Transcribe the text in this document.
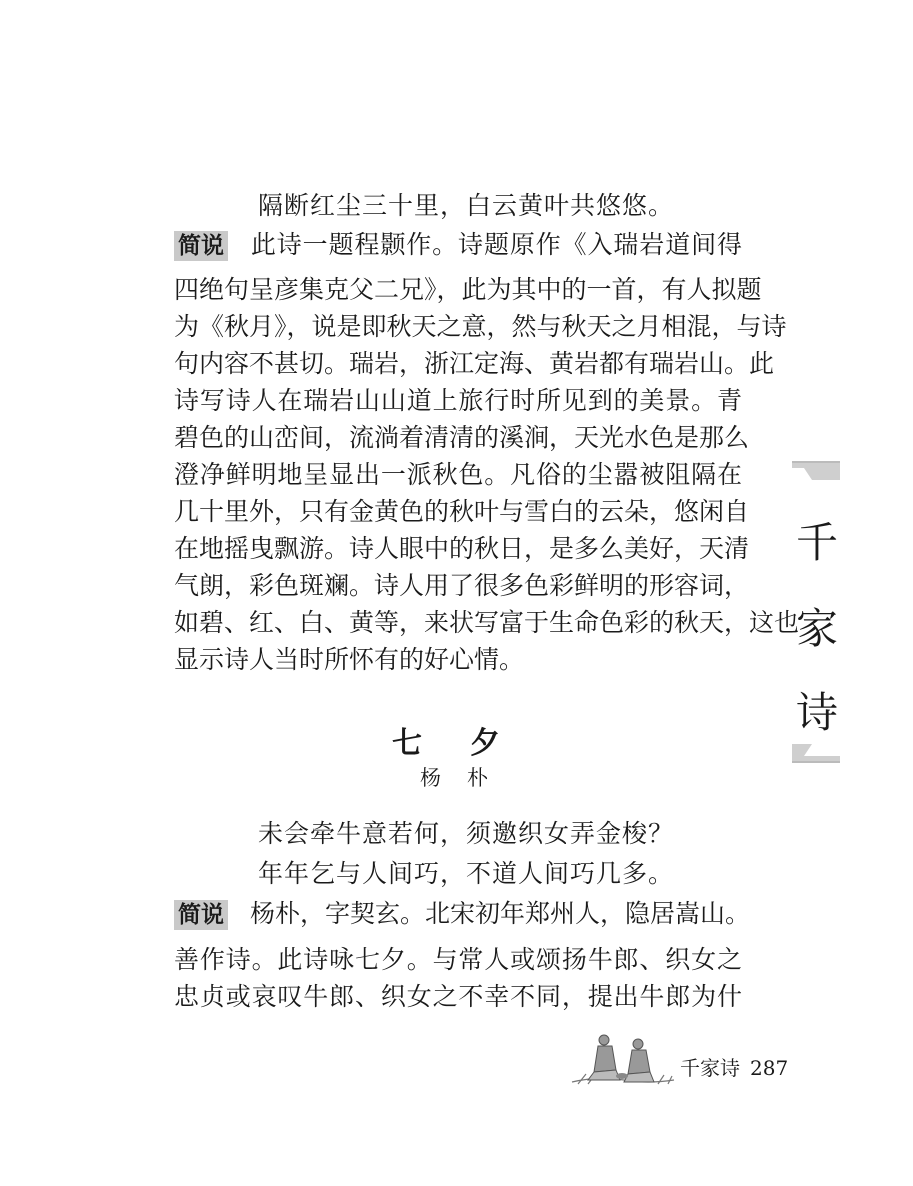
隔断红尘三十里，白云黄叶共悠悠。
简说 此诗一题程颢作。诗题原作《入瑞岩道间得
四绝句呈彦集克父二兄》，此为其中的一首，有人拟题
为《秋月》，说是即秋天之意，然与秋天之月相混，与诗
句内容不甚切。瑞岩，浙江定海、黄岩都有瑞岩山。此
诗写诗人在瑞岩山山道上旅行时所见到的美景。青
碧色的山峦间，流淌着清清的溪涧，天光水色是那么
澄净鲜明地呈显出一派秋色。凡俗的尘嚣被阻隔在
几十里外，只有金黄色的秋叶与雪白的云朵，悠闲自
在地摇曳飘游。诗人眼中的秋日，是多么美好，天清
气朗，彩色斑斓。诗人用了很多色彩鲜明的形容词，
如碧、红、白、黄等，来状写富于生命色彩的秋天，这也
显示诗人当时所怀有的好心情。
七夕
杨朴
未会牵牛意若何，须邀织女弄金梭？
年年乞与人间巧，不道人间巧几多。
简说 杨朴，字契玄。北宋初年郑州人，隐居嵩山。
善作诗。此诗咏七夕。与常人或颂扬牛郎、织女之
忠贞或哀叹牛郎、织女之不幸不同，提出牛郎为什
千
家
诗
千家诗 287
